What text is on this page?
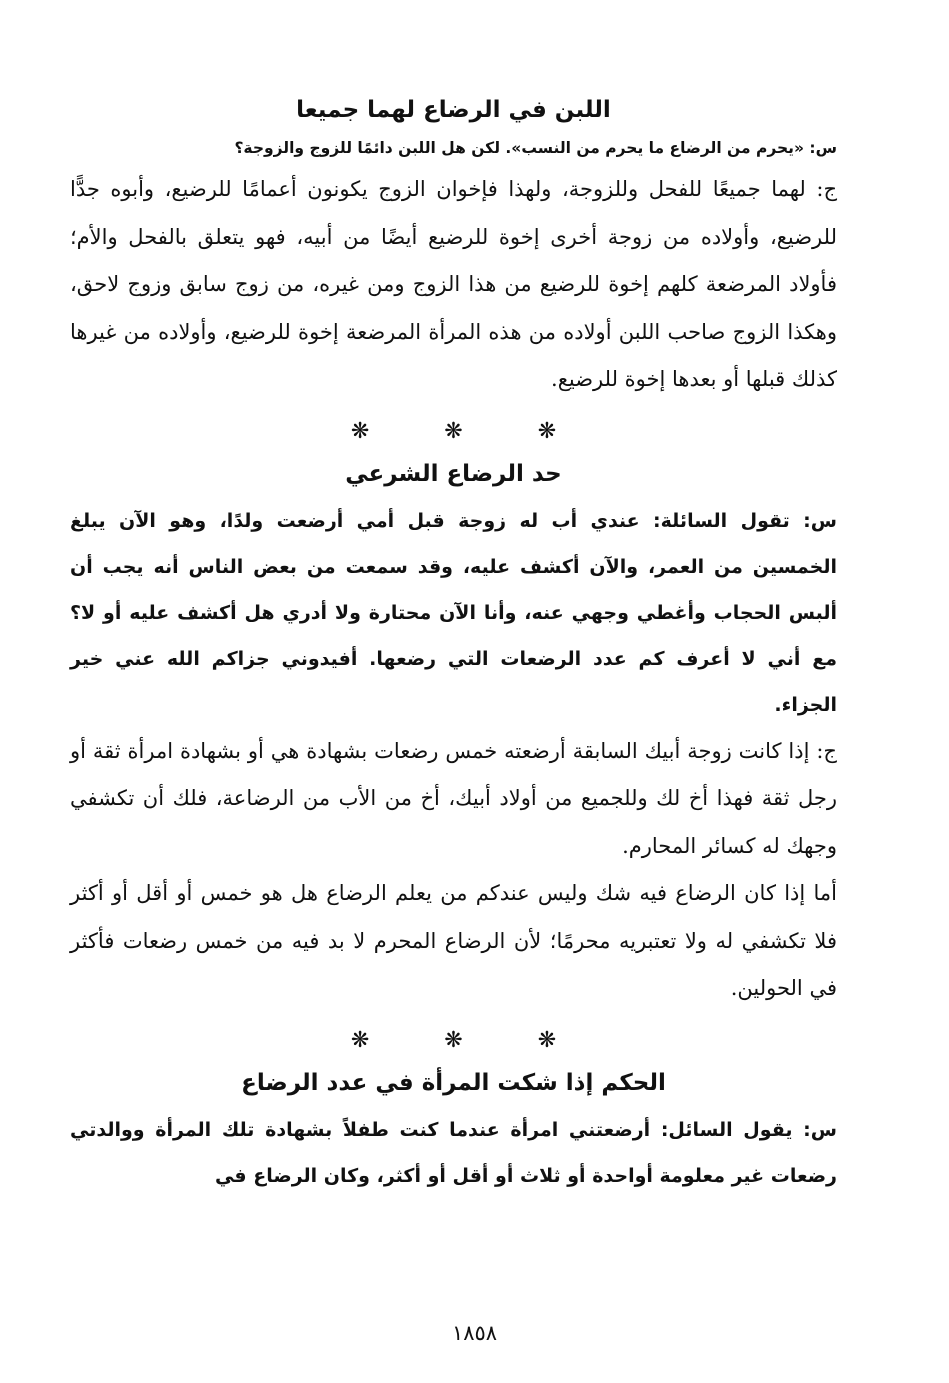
اللبن في الرضاع لهما جميعا

س: «يحرم من الرضاع ما يحرم من النسب». لكن هل اللبن دائمًا للزوج والزوجة؟

ج: لهما جميعًا للفحل وللزوجة، ولهذا فإخوان الزوج يكونون أعمامًا للرضيع، وأبوه جدًّا للرضيع، وأولاده من زوجة أخرى إخوة للرضيع أيضًا من أبيه، فهو يتعلق بالفحل والأم؛ فأولاد المرضعة كلهم إخوة للرضيع من هذا الزوج ومن غيره، من زوج سابق وزوج لاحق، وهكذا الزوج صاحب اللبن أولاده من هذه المرأة المرضعة إخوة للرضيع، وأولاده من غيرها كذلك قبلها أو بعدها إخوة للرضيع.

❋ ❋ ❋
حد الرضاع الشرعي

س: تقول السائلة: عندي أب له زوجة قبل أمي أرضعت ولدًا، وهو الآن يبلغ الخمسين من العمر، والآن أكشف عليه، وقد سمعت من بعض الناس أنه يجب أن ألبس الحجاب وأغطي وجهي عنه، وأنا الآن محتارة ولا أدري هل أكشف عليه أو لا؟ مع أني لا أعرف كم عدد الرضعات التي رضعها. أفيدوني جزاكم الله عني خير الجزاء.

ج: إذا كانت زوجة أبيك السابقة أرضعته خمس رضعات بشهادة هي أو بشهادة امرأة ثقة أو رجل ثقة فهذا أخ لك وللجميع من أولاد أبيك، أخ من الأب من الرضاعة، فلك أن تكشفي وجهك له كسائر المحارم.

أما إذا كان الرضاع فيه شك وليس عندكم من يعلم الرضاع هل هو خمس أو أقل أو أكثر فلا تكشفي له ولا تعتبريه محرمًا؛ لأن الرضاع المحرم لا بد فيه من خمس رضعات فأكثر في الحولين.

❋ ❋ ❋
الحكم إذا شكت المرأة في عدد الرضاع

س: يقول السائل: أرضعتني امرأة عندما كنت طفلاً بشهادة تلك المرأة ووالدتي رضعات غير معلومة أواحدة أو ثلاث أو أقل أو أكثر، وكان الرضاع في

١٨٥٨
